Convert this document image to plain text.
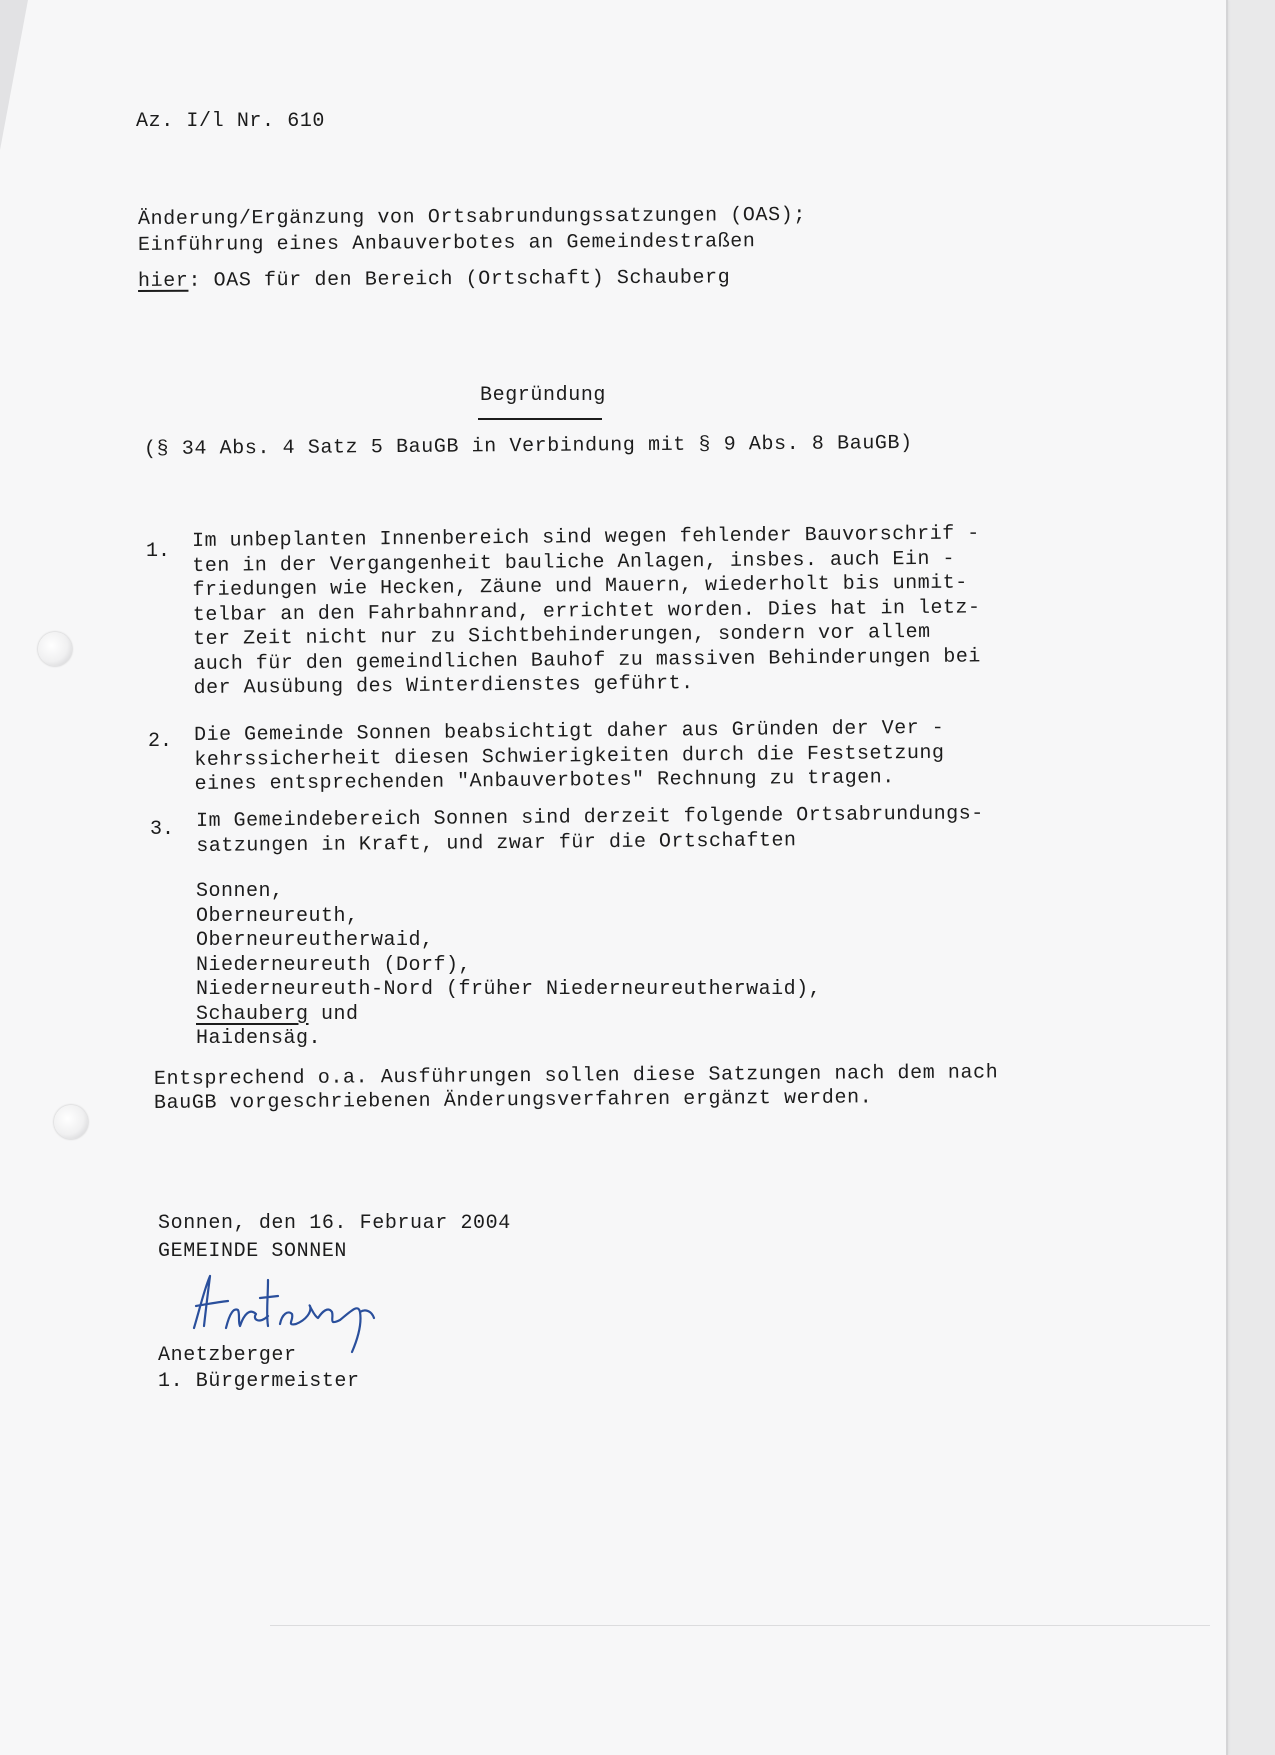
Az. I/l Nr. 610
Änderung/Ergänzung von Ortsabrundungssatzungen (OAS);
Einführung eines Anbauverbotes an Gemeindestraßen
hier: OAS für den Bereich (Ortschaft) Schauberg
Begründung
(§ 34 Abs. 4 Satz 5 BauGB in Verbindung mit § 9 Abs. 8 BauGB)
1. Im unbeplanten Innenbereich sind wegen fehlender Bauvorschrif -
ten in der Vergangenheit bauliche Anlagen, insbes. auch Ein -
friedungen wie Hecken, Zäune und Mauern, wiederholt bis unmit-
telbar an den Fahrbahnrand, errichtet worden. Dies hat in letz-
ter Zeit nicht nur zu Sichtbehinderungen, sondern vor allem
auch für den gemeindlichen Bauhof zu massiven Behinderungen bei
der Ausübung des Winterdienstes geführt.
2. Die Gemeinde Sonnen beabsichtigt daher aus Gründen der Ver -
kehrssicherheit diesen Schwierigkeiten durch die Festsetzung
eines entsprechenden "Anbauverbotes" Rechnung zu tragen.
3. Im Gemeindebereich Sonnen sind derzeit folgende Ortsabrundungs-
satzungen in Kraft, und zwar für die Ortschaften
Sonnen,
Oberneureuth,
Oberneureutherwaid,
Niederneureuth (Dorf),
Niederneureuth-Nord (früher Niederneureutherwaid),
Schauberg und
Haidensäg.
Entsprechend o.a. Ausführungen sollen diese Satzungen nach dem nach
BauGB vorgeschriebenen Änderungsverfahren ergänzt werden.
Sonnen, den 16. Februar 2004
GEMEINDE SONNEN
Anetzberger
1. Bürgermeister
